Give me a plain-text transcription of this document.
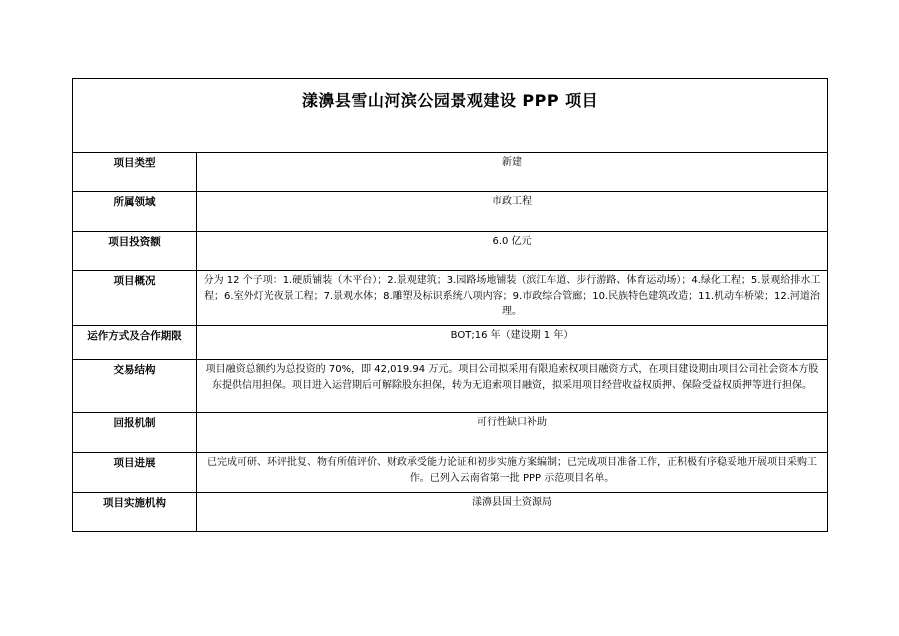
漾濞县雪山河滨公园景观建设 PPP 项目	

项目类型	新建
所属领域	市政工程
项目投资额	6.0 亿元
项目概况	分为 12 个子项：1.硬质铺装（木平台）；2.景观建筑；3.园路场地铺装（滨江车道、步行游路、体育运动场）；4.绿化工程；5.景观给排水工程；6.室外灯光夜景工程；7.景观水体；8.雕塑及标识系统八项内容；9.市政综合管廊；10.民族特色建筑改造；11.机动车桥梁；12.河道治理。
运作方式及合作期限	BOT;16 年（建设期 1 年）
交易结构	项目融资总额约为总投资的 70%，即 42,019.94 万元。项目公司拟采用有限追索权项目融资方式，在项目建设期由项目公司社会资本方股东提供信用担保。项目进入运营期后可解除股东担保，转为无追索项目融资，拟采用项目经营收益权质押、保险受益权质押等进行担保。
回报机制	可行性缺口补助
项目进展	已完成可研、环评批复、物有所值评价、财政承受能力论证和初步实施方案编制；已完成项目准备工作，正积极有序稳妥地开展项目采购工作。已列入云南省第一批 PPP 示范项目名单。
项目实施机构	漾濞县国土资源局
